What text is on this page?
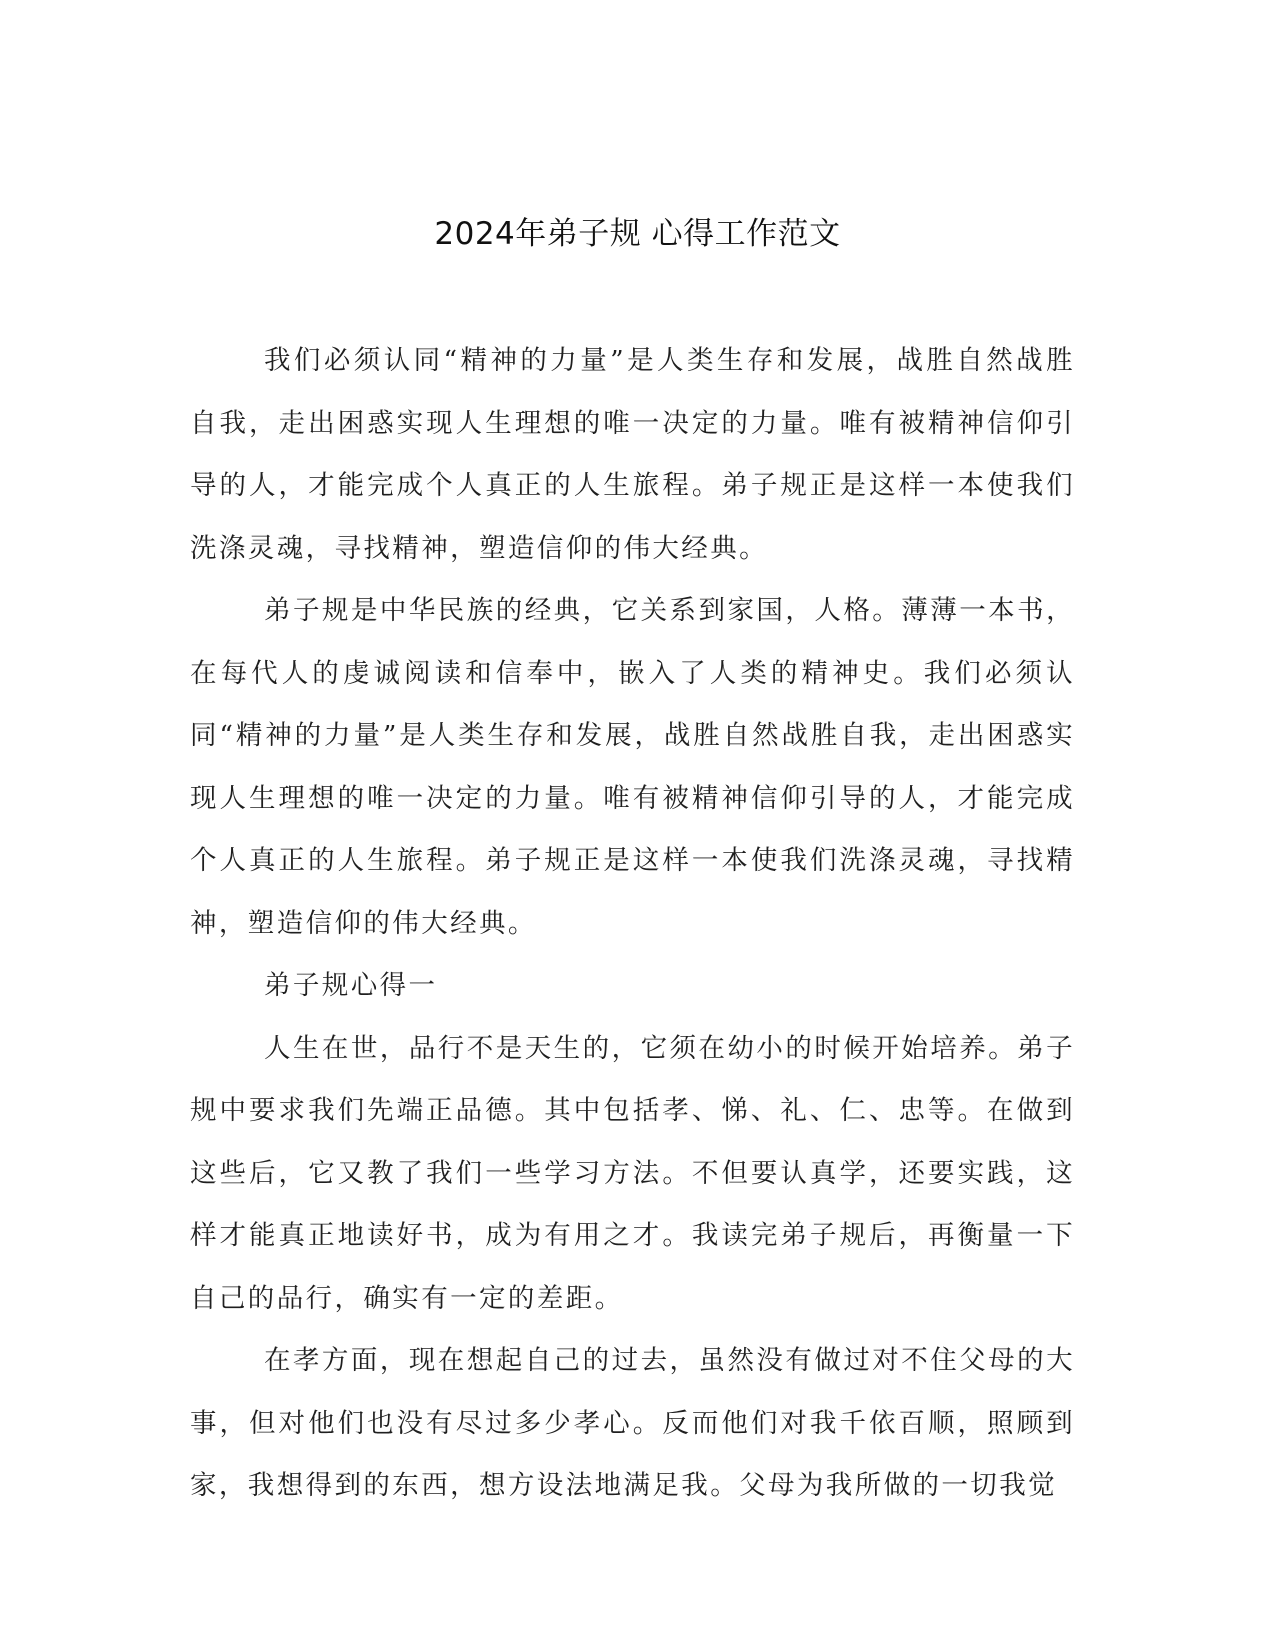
2024年弟子规 心得工作范文

我们必须认同“精神的力量”是人类生存和发展，战胜自然战胜自我，走出困惑实现人生理想的唯一决定的力量。唯有被精神信仰引导的人，才能完成个人真正的人生旅程。弟子规正是这样一本使我们洗涤灵魂，寻找精神，塑造信仰的伟大经典。

弟子规是中华民族的经典，它关系到家国，人格。薄薄一本书，在每代人的虔诚阅读和信奉中，嵌入了人类的精神史。我们必须认同“精神的力量”是人类生存和发展，战胜自然战胜自我，走出困惑实现人生理想的唯一决定的力量。唯有被精神信仰引导的人，才能完成个人真正的人生旅程。弟子规正是这样一本使我们洗涤灵魂，寻找精神，塑造信仰的伟大经典。

弟子规心得一

人生在世，品行不是天生的，它须在幼小的时候开始培养。弟子规中要求我们先端正品德。其中包括孝、悌、礼、仁、忠等。在做到这些后，它又教了我们一些学习方法。不但要认真学，还要实践，这样才能真正地读好书，成为有用之才。我读完弟子规后，再衡量一下自己的品行，确实有一定的差距。

在孝方面，现在想起自己的过去，虽然没有做过对不住父母的大事，但对他们也没有尽过多少孝心。反而他们对我千依百顺，照顾到家，我想得到的东西，想方设法地满足我。父母为我所做的一切我觉
